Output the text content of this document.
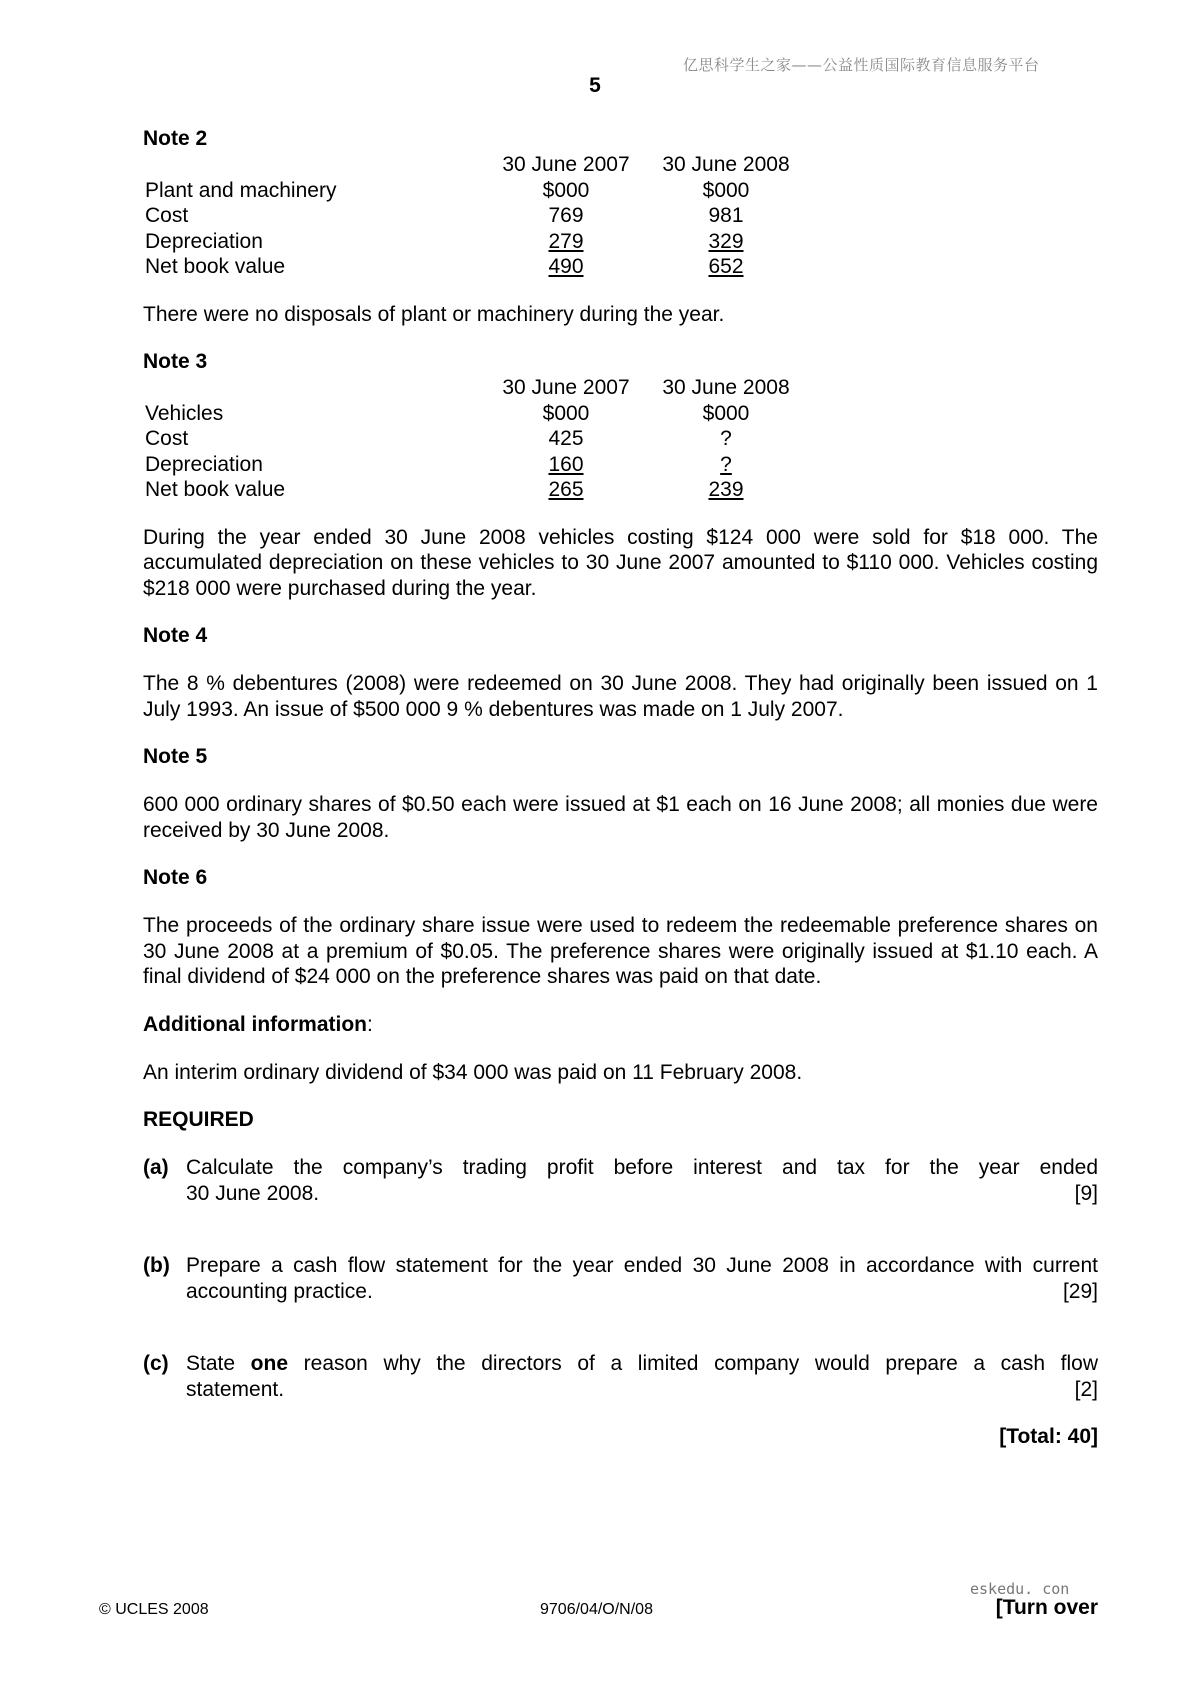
亿思科学生之家——公益性质国际教育信息服务平台
5
Note 2
	30 June 2007	30 June 2008
Plant and machinery	$000	$000
Cost	769	981
Depreciation	279	329
Net book value	490	652
There were no disposals of plant or machinery during the year.
Note 3
	30 June 2007	30 June 2008
Vehicles	$000	$000
Cost	425	?
Depreciation	160	?
Net book value	265	239
During the year ended 30 June 2008 vehicles costing $124 000 were sold for $18 000. The accumulated depreciation on these vehicles to 30 June 2007 amounted to $110 000. Vehicles costing $218 000 were purchased during the year.
Note 4
The 8 % debentures (2008) were redeemed on 30 June 2008. They had originally been issued on 1 July 1993. An issue of $500 000 9 % debentures was made on 1 July 2007.
Note 5
600 000 ordinary shares of $0.50 each were issued at $1 each on 16 June 2008; all monies due were received by 30 June 2008.
Note 6
The proceeds of the ordinary share issue were used to redeem the redeemable preference shares on 30 June 2008 at a premium of $0.05. The preference shares were originally issued at $1.10 each. A final dividend of $24 000 on the preference shares was paid on that date.
Additional information:
An interim ordinary dividend of $34 000 was paid on 11 February 2008.
REQUIRED
(a) Calculate the company’s trading profit before interest and tax for the year ended
30 June 2008.	[9]
(b) Prepare a cash flow statement for the year ended 30 June 2008 in accordance with current
accounting practice.	[29]
(c) State one reason why the directors of a limited company would prepare a cash flow
statement.	[2]
[Total: 40]
eskedu. con
© UCLES 2008	9706/04/O/N/08	[Turn over
